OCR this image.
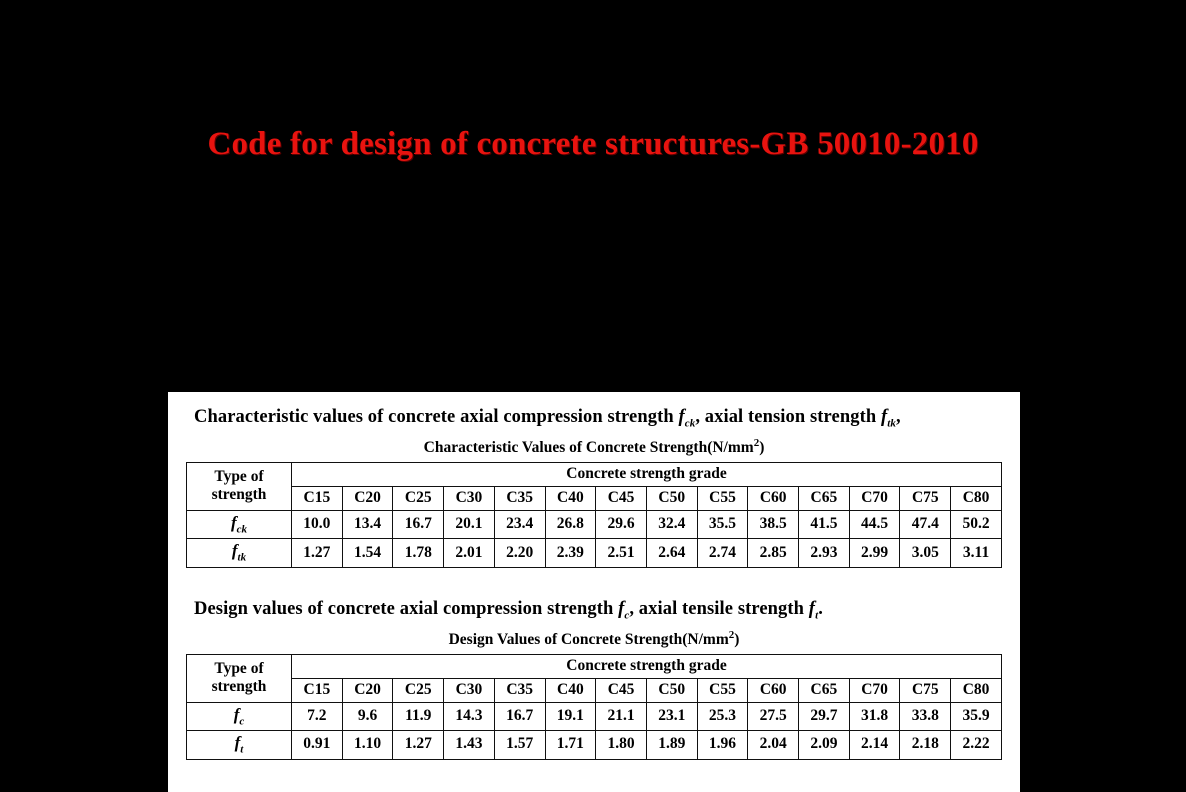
Code for design of concrete structures-GB 50010-2010
Characteristic values of concrete axial compression strength $f_{ck}$, axial tension strength $f_{tk}$,
Characteristic Values of Concrete $Strength(N/mm^2)$
Type of
strength	Concrete strength grade													
	C15	C20	C25	C30	C35	C40	C45	C50	C55	C60	C65	C70	C75	C80
$f_{ck}$	10.0	13.4	16.7	20.1	23.4	26.8	29.6	32.4	35.5	38.5	41.5	44.5	47.4	50.2
$f_{tk}$	1.27	1.54	1.78	2.01	2.20	2.39	2.51	2.64	2.74	2.85	2.93	2.99	3.05	3.11
Design values of concrete axial compression strength $f_c$, axial tensile strength $f_t$.
Design Values of Concrete $Strength(N/mm^2)$
Type of
strength	Concrete strength grade													
	C15	C20	C25	C30	C35	C40	C45	C50	C55	C60	C65	C70	C75	C80
$f_c$	7.2	9.6	11.9	14.3	16.7	19.1	21.1	23.1	25.3	27.5	29.7	31.8	33.8	35.9
$f_t$	0.91	1.10	1.27	1.43	1.57	1.71	1.80	1.89	1.96	2.04	2.09	2.14	2.18	2.22
